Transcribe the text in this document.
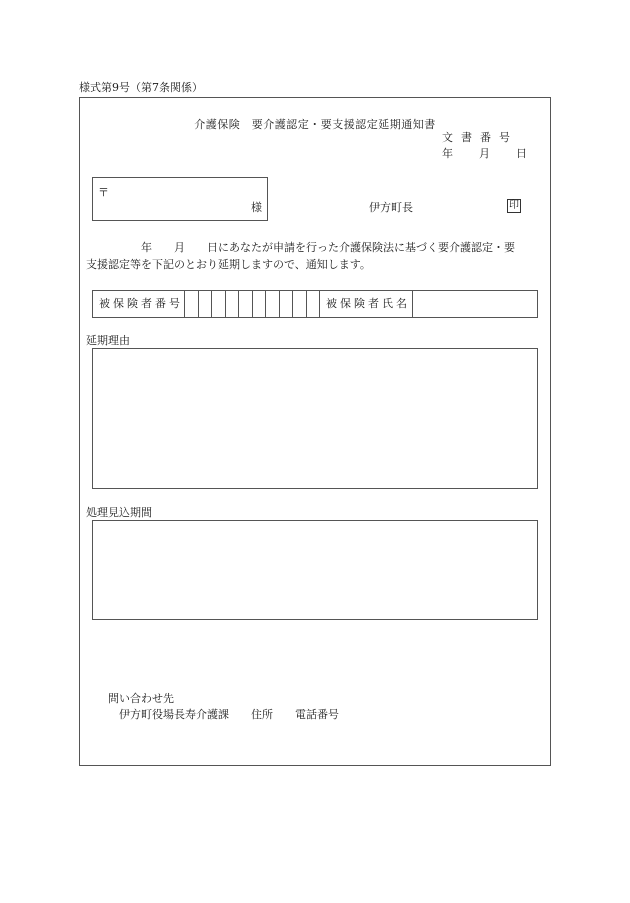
様式第9号（第7条関係）
介護保険　要介護認定・要支援認定延期通知書
文書番号
年 月 日
〒
様	伊方町長	印
　　　　　年　　月　　日にあなたが申請を行った介護保険法に基づく要介護認定・要
支援認定等を下記のとおり延期しますので、通知します。
被保険者番号	被保険者氏名
延期理由
処理見込期間
問い合わせ先
伊方町役場長寿介護課 住所 電話番号
